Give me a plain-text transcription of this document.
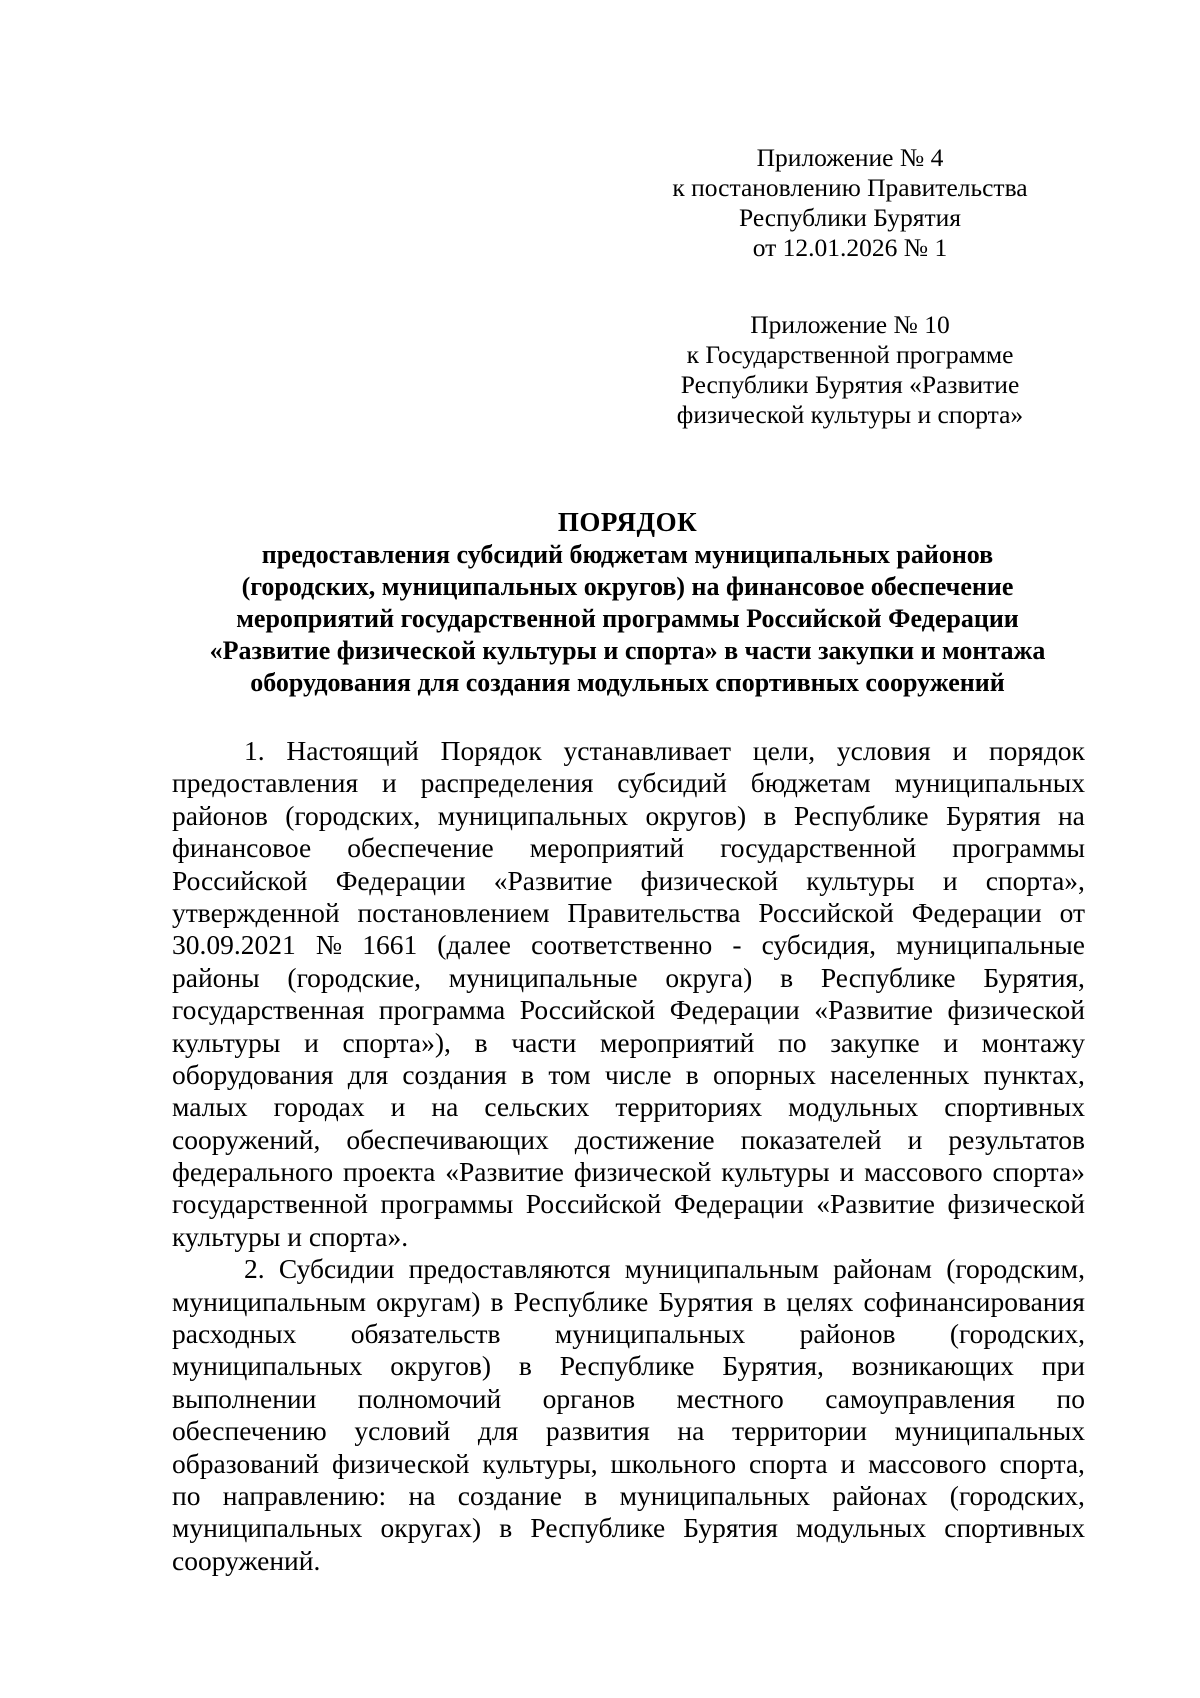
Приложение № 4
к постановлению Правительства
Республики Бурятия
от 12.01.2026 № 1
Приложение № 10
к Государственной программе
Республики Бурятия «Развитие
физической культуры и спорта»
ПОРЯДОК
предоставления субсидий бюджетам муниципальных районов
(городских, муниципальных округов) на финансовое обеспечение
мероприятий государственной программы Российской Федерации
«Развитие физической культуры и спорта» в части закупки и монтажа
оборудования для создания модульных спортивных сооружений
1. Настоящий Порядок устанавливает цели, условия и порядок
предоставления и распределения субсидий бюджетам муниципальных
районов (городских, муниципальных округов) в Республике Бурятия на
финансовое обеспечение мероприятий государственной программы
Российской Федерации «Развитие физической культуры и спорта»,
утвержденной постановлением Правительства Российской Федерации от
30.09.2021 № 1661 (далее соответственно - субсидия, муниципальные
районы (городские, муниципальные округа) в Республике Бурятия,
государственная программа Российской Федерации «Развитие физической
культуры и спорта»), в части мероприятий по закупке и монтажу
оборудования для создания в том числе в опорных населенных пунктах,
малых городах и на сельских территориях модульных спортивных
сооружений, обеспечивающих достижение показателей и результатов
федерального проекта «Развитие физической культуры и массового спорта»
государственной программы Российской Федерации «Развитие физической
культуры и спорта».
2. Субсидии предоставляются муниципальным районам (городским,
муниципальным округам) в Республике Бурятия в целях софинансирования
расходных обязательств муниципальных районов (городских,
муниципальных округов) в Республике Бурятия, возникающих при
выполнении полномочий органов местного самоуправления по
обеспечению условий для развития на территории муниципальных
образований физической культуры, школьного спорта и массового спорта,
по направлению: на создание в муниципальных районах (городских,
муниципальных округах) в Республике Бурятия модульных спортивных
сооружений.
